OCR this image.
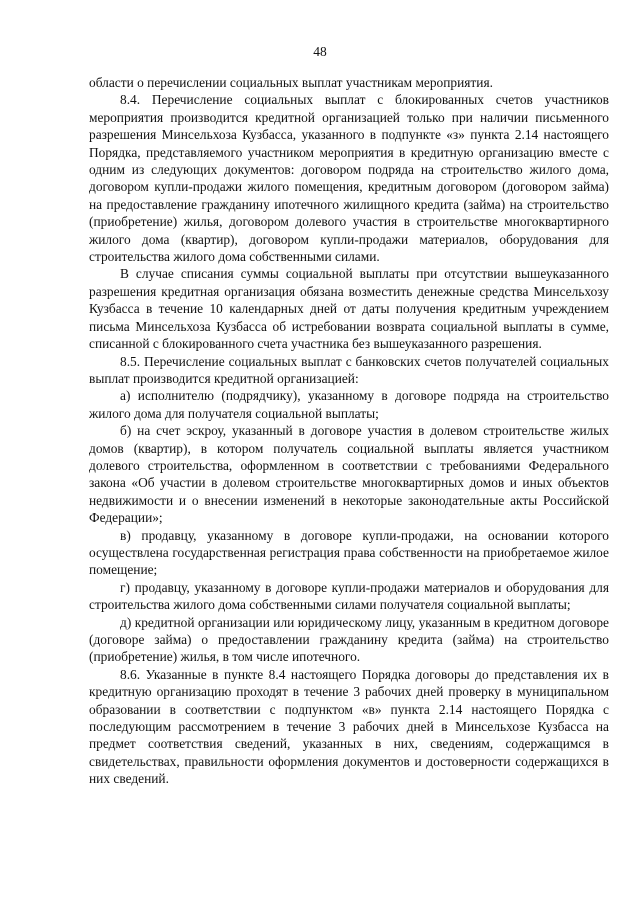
48

области о перечислении социальных выплат участникам мероприятия.

8.4. Перечисление социальных выплат с блокированных счетов участников мероприятия производится кредитной организацией только при наличии письменного разрешения Минсельхоза Кузбасса, указанного в подпункте «з» пункта 2.14 настоящего Порядка, представляемого участником мероприятия в кредитную организацию вместе с одним из следующих документов: договором подряда на строительство жилого дома, договором купли-продажи жилого помещения, кредитным договором (договором займа) на предоставление гражданину ипотечного жилищного кредита (займа) на строительство (приобретение) жилья, договором долевого участия в строительстве многоквартирного жилого дома (квартир), договором купли-продажи материалов, оборудования для строительства жилого дома собственными силами.

В случае списания суммы социальной выплаты при отсутствии вышеуказанного разрешения кредитная организация обязана возместить денежные средства Минсельхозу Кузбасса в течение 10 календарных дней от даты получения кредитным учреждением письма Минсельхоза Кузбасса об истребовании возврата социальной выплаты в сумме, списанной с блокированного счета участника без вышеуказанного разрешения.

8.5. Перечисление социальных выплат с банковских счетов получателей социальных выплат производится кредитной организацией:

а) исполнителю (подрядчику), указанному в договоре подряда на строительство жилого дома для получателя социальной выплаты;

б) на счет эскроу, указанный в договоре участия в долевом строительстве жилых домов (квартир), в котором получатель социальной выплаты является участником долевого строительства, оформленном в соответствии с требованиями Федерального закона «Об участии в долевом строительстве многоквартирных домов и иных объектов недвижимости и о внесении изменений в некоторые законодательные акты Российской Федерации»;

в) продавцу, указанному в договоре купли-продажи, на основании которого осуществлена государственная регистрация права собственности на приобретаемое жилое помещение;

г) продавцу, указанному в договоре купли-продажи материалов и оборудования для строительства жилого дома собственными силами получателя социальной выплаты;

д) кредитной организации или юридическому лицу, указанным в кредитном договоре (договоре займа) о предоставлении гражданину кредита (займа) на строительство (приобретение) жилья, в том числе ипотечного.

8.6. Указанные в пункте 8.4 настоящего Порядка договоры до представления их в кредитную организацию проходят в течение 3 рабочих дней проверку в муниципальном образовании в соответствии с подпунктом «в» пункта 2.14 настоящего Порядка с последующим рассмотрением в течение 3 рабочих дней в Минсельхозе Кузбасса на предмет соответствия сведений, указанных в них, сведениям, содержащимся в свидетельствах, правильности оформления документов и достоверности содержащихся в них сведений.
